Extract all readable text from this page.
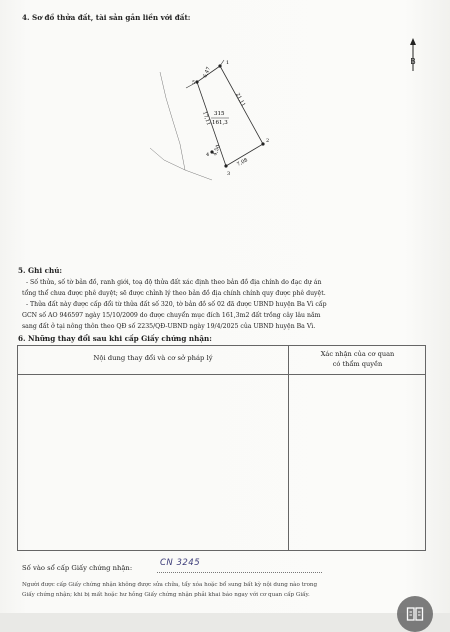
4. Sơ đồ thửa đất, tài sản gắn liền với đất:
B
1
2
3
4
5
6,47
21,11
17,11
4,50
7,08
315
161,3
5. Ghi chú:
- Số thửa, số tờ bản đồ, ranh giới, toạ độ thửa đất xác định theo bản đồ địa chính do đạc dự án
tổng thể chưa được phê duyệt; sẽ được chỉnh lý theo bản đồ địa chính chính quy được phê duyệt.
- Thửa đất này được cấp đổi từ thửa đất số 320, tờ bản đồ số 02 đã được UBND huyện Ba Vì cấp
GCN số AO 946597 ngày 15/10/2009 do được chuyển mục đích 161,3m2 đất trồng cây lâu năm
sang đất ở tại nông thôn theo QĐ số 2235/QĐ-UBND ngày 19/4/2025 của UBND huyện Ba Vì.
6. Những thay đổi sau khi cấp Giấy chứng nhận:
Nội dung thay đổi và cơ sở pháp lý	Xác nhận của cơ quan
có thẩm quyền
Số vào sổ cấp Giấy chứng nhận:	CN 3245
Người được cấp Giấy chứng nhận không được sửa chữa, tẩy xóa hoặc bổ sung bất kỳ nội dung nào trong
Giấy chứng nhận; khi bị mất hoặc hư hỏng Giấy chứng nhận phải khai báo ngay với cơ quan cấp Giấy.
